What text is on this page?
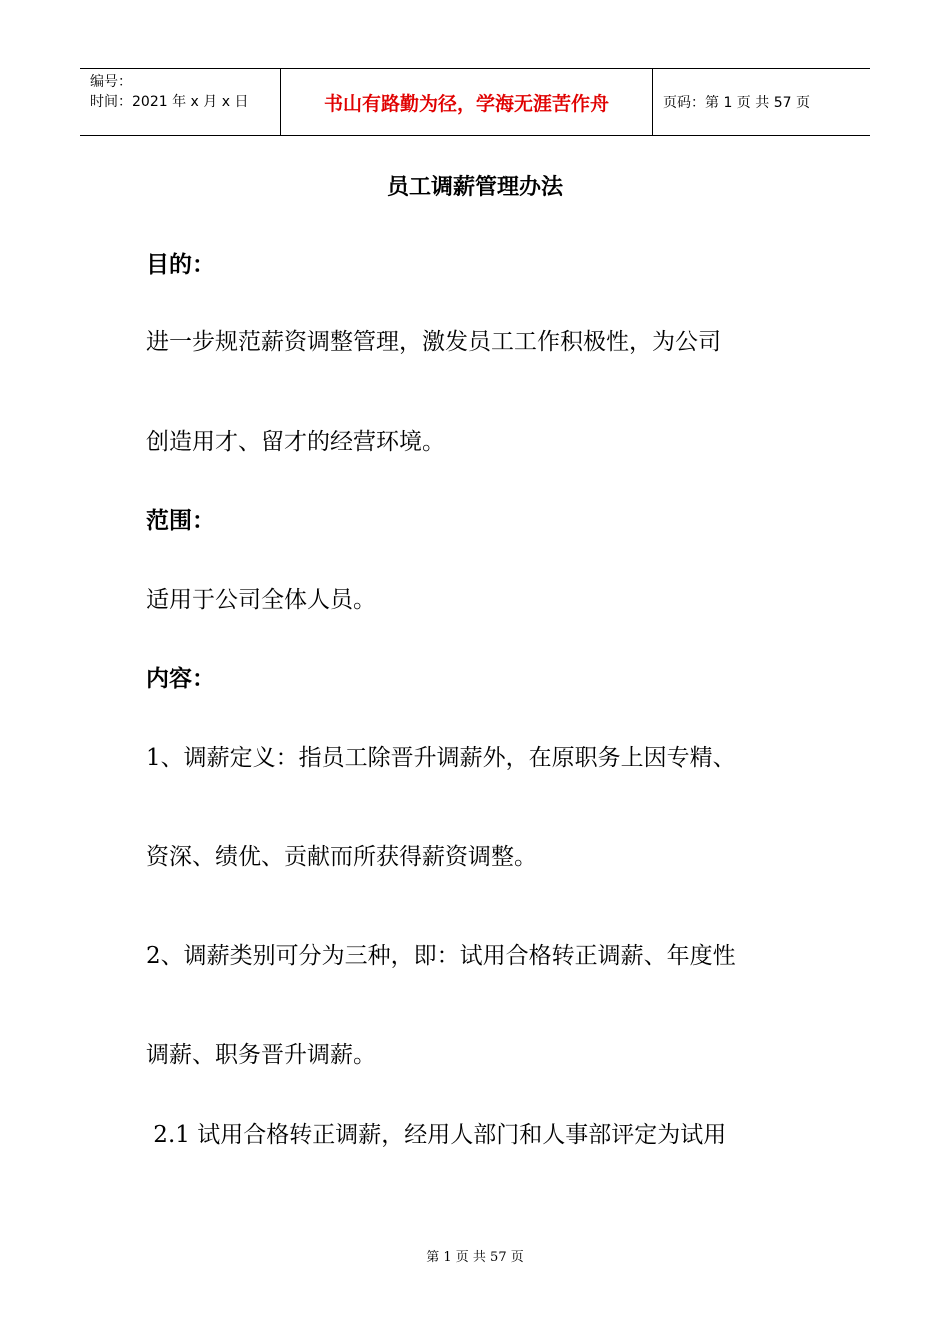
编号：
时间：2021 年 x 月 x 日	书山有路勤为径，学海无涯苦作舟	页码：第 1 页 共 57 页
员工调薪管理办法
目的：
进一步规范薪资调整管理，激发员工工作积极性，为公司
创造用才、留才的经营环境。
范围：
适用于公司全体人员。
内容：
1、调薪定义：指员工除晋升调薪外，在原职务上因专精、
资深、绩优、贡献而所获得薪资调整。
2、调薪类别可分为三种，即：试用合格转正调薪、年度性
调薪、职务晋升调薪。
2.1 试用合格转正调薪，经用人部门和人事部评定为试用
第 1 页 共 57 页
